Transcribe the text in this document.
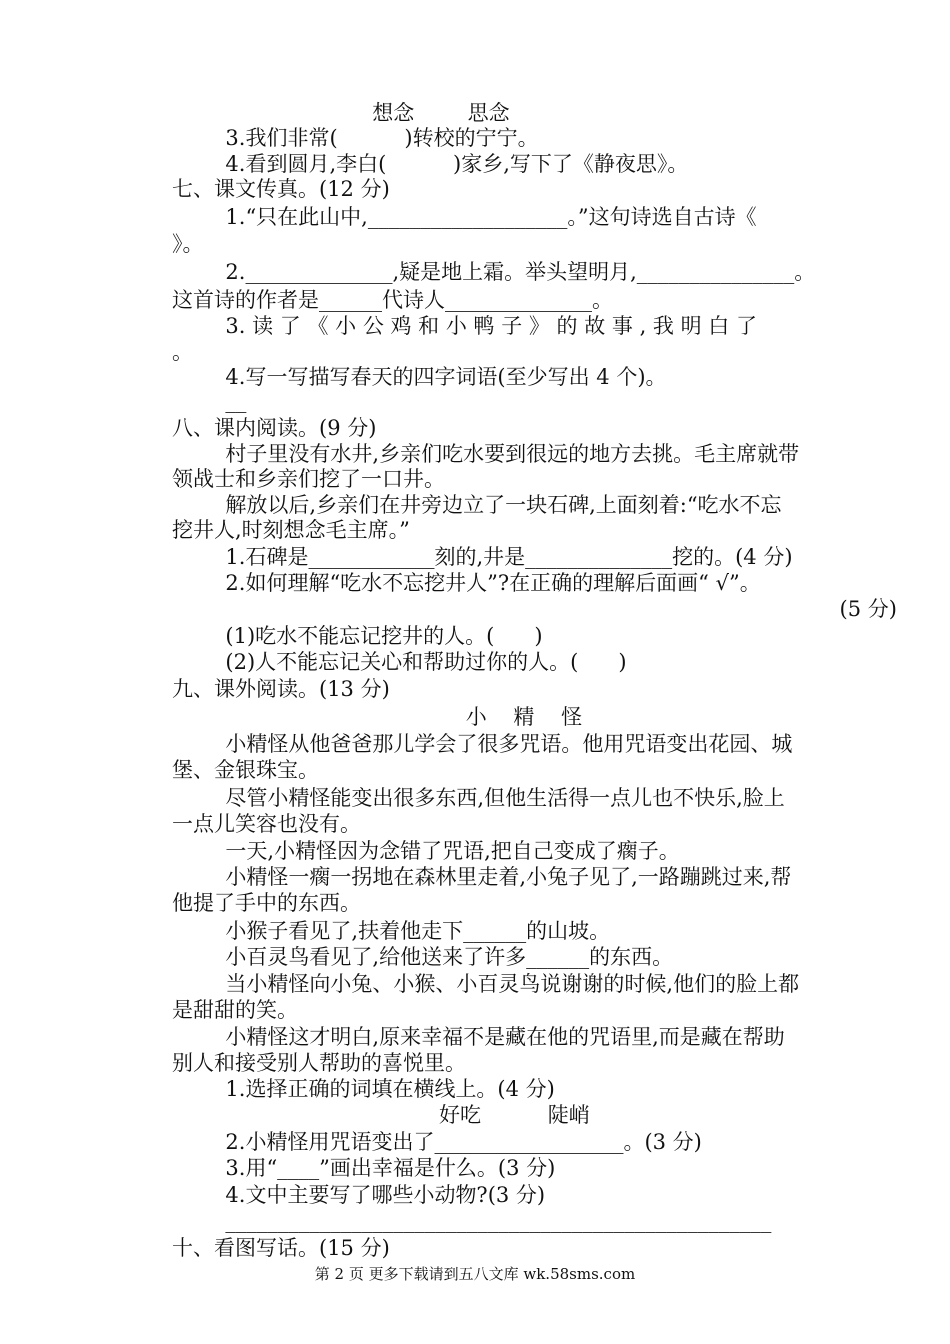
想念        思念
3.我们非常(          )转校的宁宁。
4.看到圆月,李白(          )家乡,写下了《静夜思》。
七、课文传真。(12 分)
1.“只在此山中,___________________。”这句诗选自古诗《
》。
2.______________,疑是地上霜。举头望明月,_______________。
这首诗的作者是______代诗人______________。
3. 读 了 《 小 公 鸡 和 小 鸭 子 》 的 故 事 , 我 明 白 了
。
4.写一写描写春天的四字词语(至少写出 4 个)。
__
八、课内阅读。(9 分)
村子里没有水井,乡亲们吃水要到很远的地方去挑。毛主席就带
领战士和乡亲们挖了一口井。
解放以后,乡亲们在井旁边立了一块石碑,上面刻着:“吃水不忘
挖井人,时刻想念毛主席。”
1.石碑是____________刻的,井是______________挖的。(4 分)
2.如何理解“吃水不忘挖井人”?在正确的理解后面画“ √”。
(5 分)
(1)吃水不能忘记挖井的人。(      )
(2)人不能忘记关心和帮助过你的人。(      )
九、课外阅读。(13 分)
小    精    怪
小精怪从他爸爸那儿学会了很多咒语。他用咒语变出花园、城
堡、金银珠宝。
尽管小精怪能变出很多东西,但他生活得一点儿也不快乐,脸上
一点儿笑容也没有。
一天,小精怪因为念错了咒语,把自己变成了瘸子。
小精怪一瘸一拐地在森林里走着,小兔子见了,一路蹦跳过来,帮
他提了手中的东西。
小猴子看见了,扶着他走下______的山坡。
小百灵鸟看见了,给他送来了许多______的东西。
当小精怪向小兔、小猴、小百灵鸟说谢谢的时候,他们的脸上都
是甜甜的笑。
小精怪这才明白,原来幸福不是藏在他的咒语里,而是藏在帮助
别人和接受别人帮助的喜悦里。
1.选择正确的词填在横线上。(4 分)
好吃          陡峭
2.小精怪用咒语变出了__________________。(3 分)
3.用“____”画出幸福是什么。(3 分)
4.文中主要写了哪些小动物?(3 分)
____________________________________________________
十、看图写话。(15 分)
第 2 页 更多下载请到五八文库 wk.58sms.com
